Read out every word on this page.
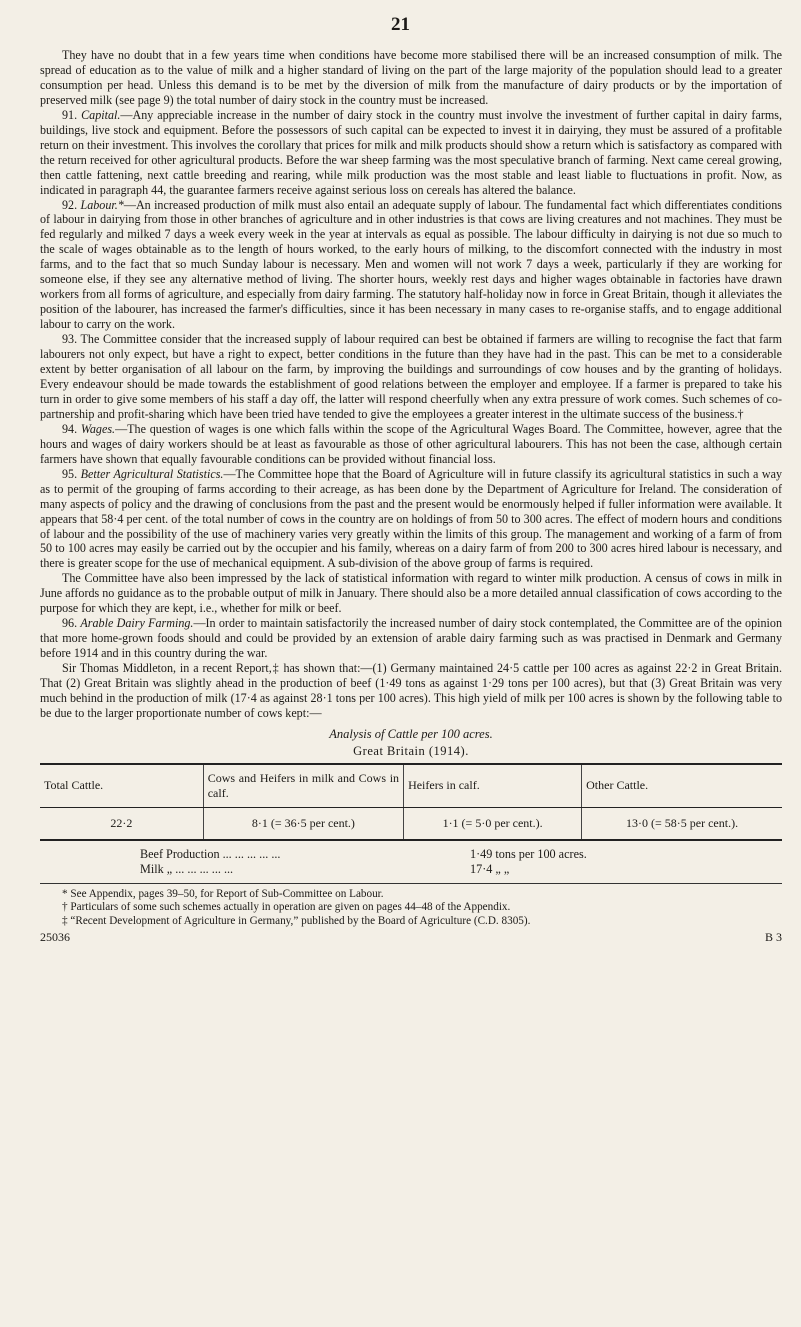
21

They have no doubt that in a few years time when conditions have become more stabilised there will be an increased consumption of milk. The spread of education as to the value of milk and a higher standard of living on the part of the large majority of the population should lead to a greater consumption per head. Unless this demand is to be met by the diversion of milk from the manufacture of dairy products or by the importation of preserved milk (see page 9) the total number of dairy stock in the country must be increased.

91. Capital.—Any appreciable increase in the number of dairy stock in the country must involve the investment of further capital in dairy farms, buildings, live stock and equipment. Before the possessors of such capital can be expected to invest it in dairying, they must be assured of a profitable return on their investment. This involves the corollary that prices for milk and milk products should show a return which is satisfactory as compared with the return received for other agricultural products. Before the war sheep farming was the most speculative branch of farming. Next came cereal growing, then cattle fattening, next cattle breeding and rearing, while milk production was the most stable and least liable to fluctuations in profit. Now, as indicated in paragraph 44, the guarantee farmers receive against serious loss on cereals has altered the balance.

92. Labour.*—An increased production of milk must also entail an adequate supply of labour. The fundamental fact which differentiates conditions of labour in dairying from those in other branches of agriculture and in other industries is that cows are living creatures and not machines. They must be fed regularly and milked 7 days a week every week in the year at intervals as equal as possible. The labour difficulty in dairying is not due so much to the scale of wages obtainable as to the length of hours worked, to the early hours of milking, to the discomfort connected with the industry in most farms, and to the fact that so much Sunday labour is necessary. Men and women will not work 7 days a week, particularly if they are working for someone else, if they see any alternative method of living. The shorter hours, weekly rest days and higher wages obtainable in factories have drawn workers from all forms of agriculture, and especially from dairy farming. The statutory half-holiday now in force in Great Britain, though it alleviates the position of the labourer, has increased the farmer's difficulties, since it has been necessary in many cases to re-organise staffs, and to engage additional labour to carry on the work.

93. The Committee consider that the increased supply of labour required can best be obtained if farmers are willing to recognise the fact that farm labourers not only expect, but have a right to expect, better conditions in the future than they have had in the past. This can be met to a considerable extent by better organisation of all labour on the farm, by improving the buildings and surroundings of cow houses and by the granting of holidays. Every endeavour should be made towards the establishment of good relations between the employer and employee. If a farmer is prepared to take his turn in order to give some members of his staff a day off, the latter will respond cheerfully when any extra pressure of work comes. Such schemes of co-partnership and profit-sharing which have been tried have tended to give the employees a greater interest in the ultimate success of the business.†

94. Wages.—The question of wages is one which falls within the scope of the Agricultural Wages Board. The Committee, however, agree that the hours and wages of dairy workers should be at least as favourable as those of other agricultural labourers. This has not been the case, although certain farmers have shown that equally favourable conditions can be provided without financial loss.

95. Better Agricultural Statistics.—The Committee hope that the Board of Agriculture will in future classify its agricultural statistics in such a way as to permit of the grouping of farms according to their acreage, as has been done by the Department of Agriculture for Ireland. The consideration of many aspects of policy and the drawing of conclusions from the past and the present would be enormously helped if fuller information were available. It appears that 58·4 per cent. of the total number of cows in the country are on holdings of from 50 to 300 acres. The effect of modern hours and conditions of labour and the possibility of the use of machinery varies very greatly within the limits of this group. The management and working of a farm of from 50 to 100 acres may easily be carried out by the occupier and his family, whereas on a dairy farm of from 200 to 300 acres hired labour is necessary, and there is greater scope for the use of mechanical equipment. A sub-division of the above group of farms is required.

The Committee have also been impressed by the lack of statistical information with regard to winter milk production. A census of cows in milk in June affords no guidance as to the probable output of milk in January. There should also be a more detailed annual classification of cows according to the purpose for which they are kept, i.e., whether for milk or beef.

96. Arable Dairy Farming.—In order to maintain satisfactorily the increased number of dairy stock contemplated, the Committee are of the opinion that more home-grown foods should and could be provided by an extension of arable dairy farming such as was practised in Denmark and Germany before 1914 and in this country during the war.

Sir Thomas Middleton, in a recent Report,‡ has shown that:—(1) Germany maintained 24·5 cattle per 100 acres as against 22·2 in Great Britain. That (2) Great Britain was slightly ahead in the production of beef (1·49 tons as against 1·29 tons per 100 acres), but that (3) Great Britain was very much behind in the production of milk (17·4 as against 28·1 tons per 100 acres). This high yield of milk per 100 acres is shown by the following table to be due to the larger proportionate number of cows kept:—

Analysis of Cattle per 100 acres.
Great Britain (1914).
Total Cattle.	Cows and Heifers in milk and Cows in calf.	Heifers in calf.	Other Cattle.
22·2	8·1 (= 36·5 per cent.)	1·1 (= 5·0 per cent.).	13·0 (= 58·5 per cent.).
Beef Production ... ... ... ... ...	1·49 tons per 100 acres.
Milk „ ... ... ... ... ...	17·4 „ „
* See Appendix, pages 39–50, for Report of Sub-Committee on Labour.
† Particulars of some such schemes actually in operation are given on pages 44–48 of the Appendix.
‡ “Recent Development of Agriculture in Germany,” published by the Board of Agriculture (C.D. 8305).
25036	B 3
